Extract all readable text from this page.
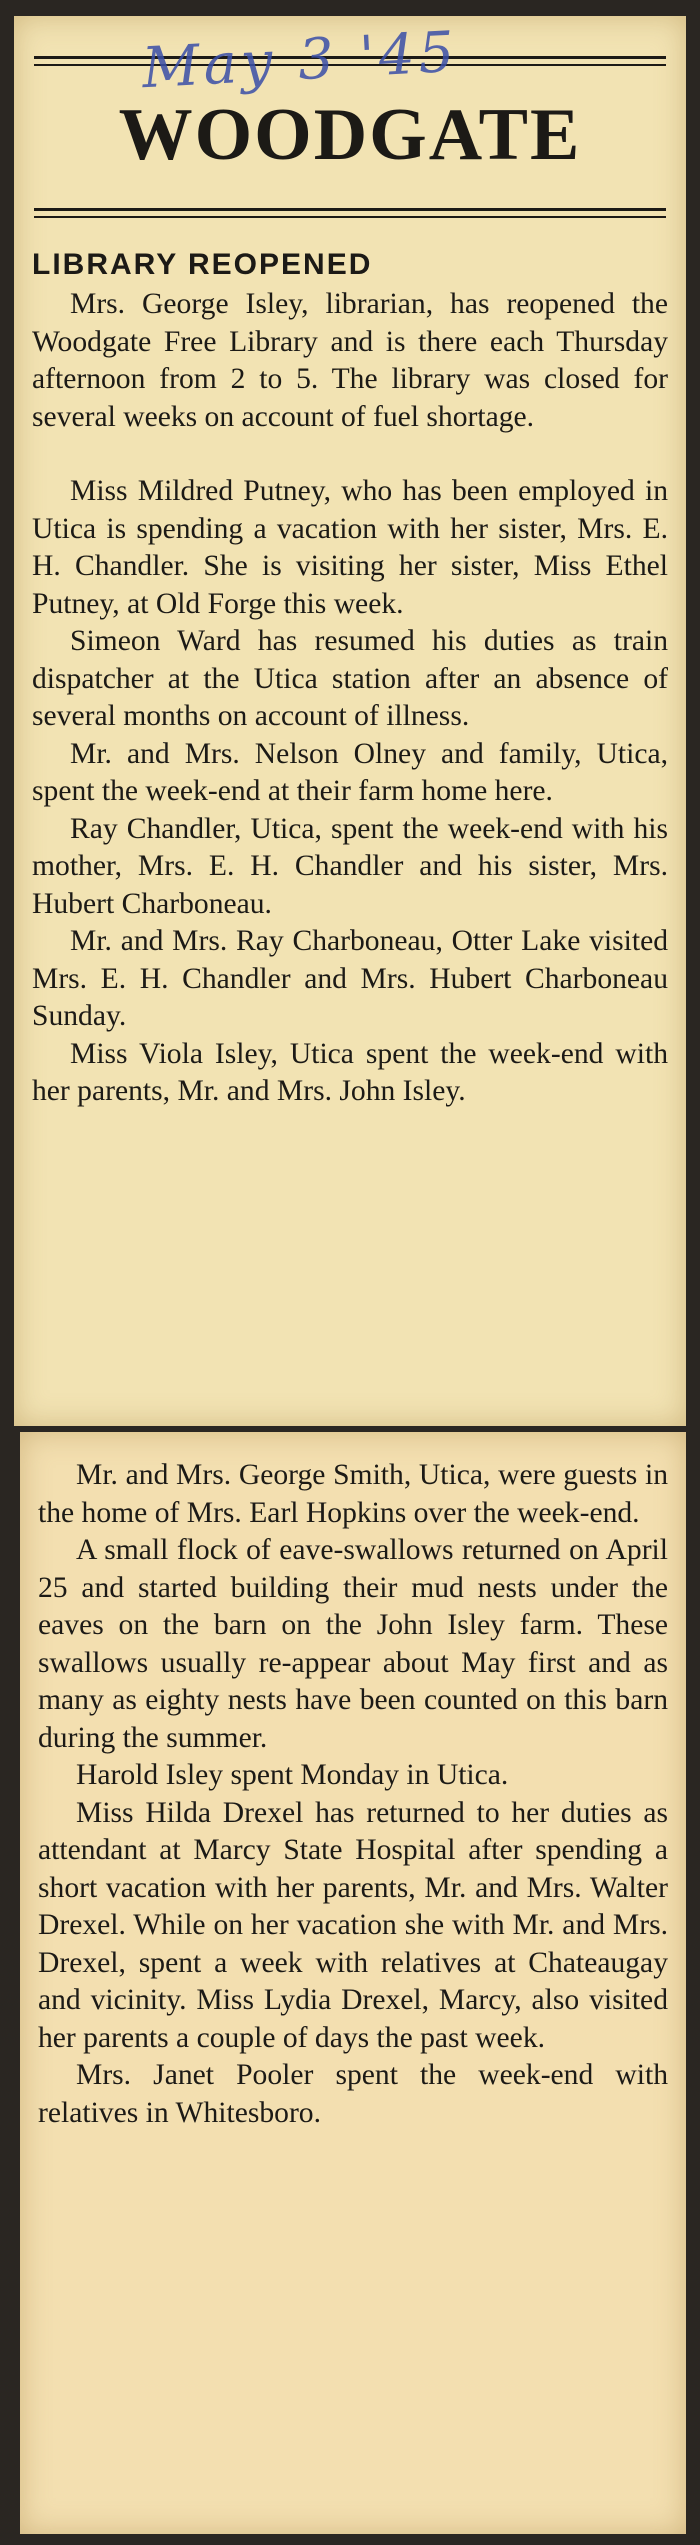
May 3 '45
WOODGATE
LIBRARY REOPENED

Mrs. George Isley, librarian, has reopened the Woodgate Free Library and is there each Thursday afternoon from 2 to 5. The library was closed for several weeks on account of fuel shortage.

Miss Mildred Putney, who has been employed in Utica is spending a vacation with her sister, Mrs. E. H. Chandler. She is visiting her sister, Miss Ethel Putney, at Old Forge this week.

Simeon Ward has resumed his duties as train dispatcher at the Utica station after an absence of several months on account of illness.

Mr. and Mrs. Nelson Olney and family, Utica, spent the week-end at their farm home here.

Ray Chandler, Utica, spent the week-end with his mother, Mrs. E. H. Chandler and his sister, Mrs. Hubert Charboneau.

Mr. and Mrs. Ray Charboneau, Otter Lake visited Mrs. E. H. Chandler and Mrs. Hubert Charboneau Sunday.

Miss Viola Isley, Utica spent the week-end with her parents, Mr. and Mrs. John Isley.

Mr. and Mrs. George Smith, Utica, were guests in the home of Mrs. Earl Hopkins over the week-end.

A small flock of eave-swallows returned on April 25 and started building their mud nests under the eaves on the barn on the John Isley farm. These swallows usually re-appear about May first and as many as eighty nests have been counted on this barn during the summer.

Harold Isley spent Monday in Utica.

Miss Hilda Drexel has returned to her duties as attendant at Marcy State Hospital after spending a short vacation with her parents, Mr. and Mrs. Walter Drexel. While on her vacation she with Mr. and Mrs. Drexel, spent a week with relatives at Chateaugay and vicinity. Miss Lydia Drexel, Marcy, also visited her parents a couple of days the past week.

Mrs. Janet Pooler spent the week-end with relatives in Whitesboro.
